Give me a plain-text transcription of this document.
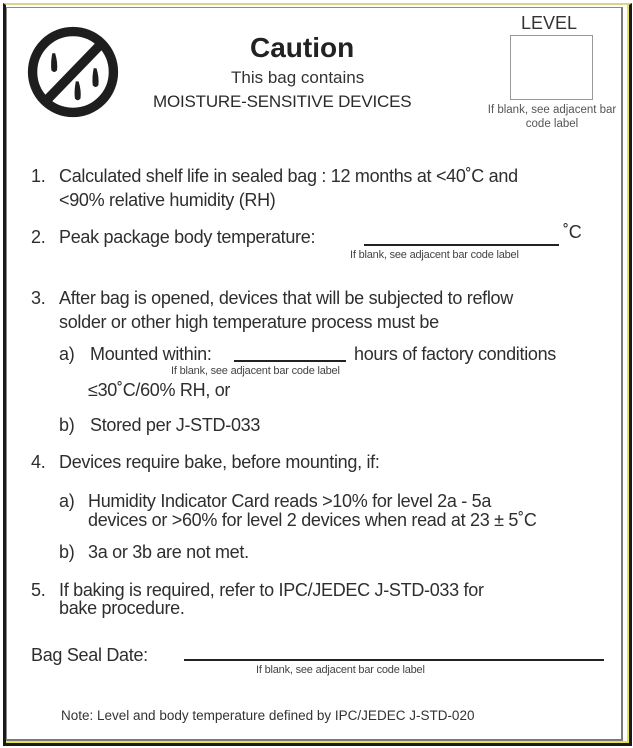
Caution
This bag contains
MOISTURE-SENSITIVE DEVICES
LEVEL
If blank, see adjacent bar code label
1. Calculated shelf life in sealed bag : 12 months at <40˚C and
<90% relative humidity (RH)
2. Peak package body temperature:	˚C
If blank, see adjacent bar code label
3. After bag is opened, devices that will be subjected to reflow
solder or other high temperature process must be
a) Mounted within:	hours of factory conditions
If blank, see adjacent bar code label
≤30˚C/60% RH, or
b) Stored per J-STD-033
4. Devices require bake, before mounting, if:
a) Humidity Indicator Card reads >10% for level 2a - 5a
devices or >60% for level 2 devices when read at 23 ± 5˚C
b) 3a or 3b are not met.
5. If baking is required, refer to IPC/JEDEC J-STD-033 for
bake procedure.
Bag Seal Date:
If blank, see adjacent bar code label
Note: Level and body temperature defined by IPC/JEDEC J-STD-020
